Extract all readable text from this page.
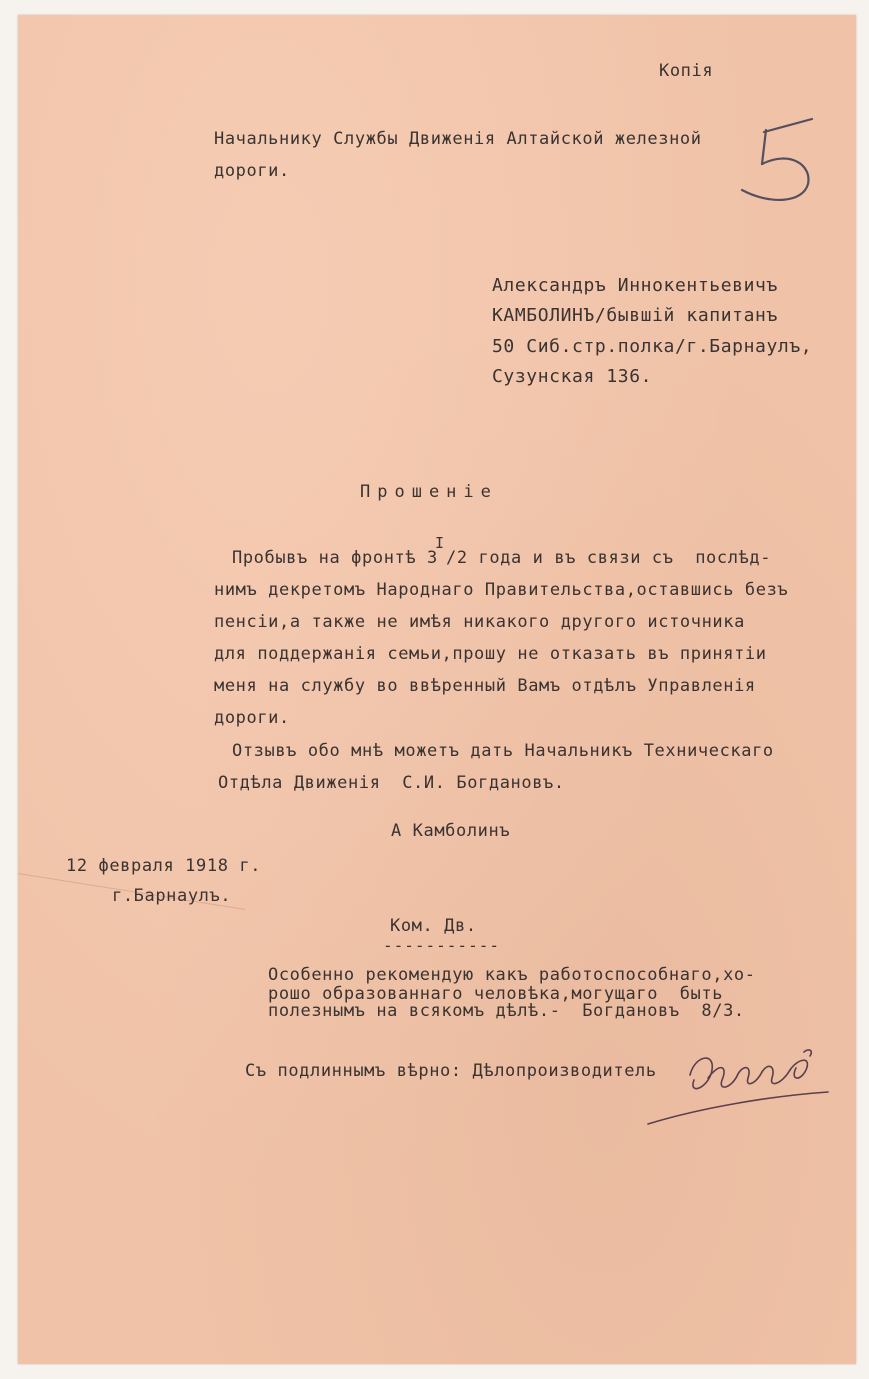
Копія
Начальнику Службы Движенія Алтайской железной
дороги.
Александръ Иннокентьевичъ
КАМБОЛИНЪ/бывшій капитанъ
50 Сиб.стр.полка/г.Барнаулъ,
Сузунская 136.
Прошеніе
Пробывъ на фронтѣ 3
I
/2 года и въ связи съ  послѣд-
нимъ декретомъ Народнаго Правительства,оставшись безъ
пенсіи,а также не имѣя никакого другого источника
для поддержанія семьи,прошу не отказать въ принятіи
меня на службу во ввѣренный Вамъ отдѣлъ Управленія
дороги.
Отзывъ обо мнѣ можетъ дать Начальникъ Техническаго
Отдѣла Движенія  С.И. Богдановъ.
А Камболинъ
12 февраля 1918 г.
г.Барнаулъ.
Ком. Дв.
-----------
Особенно рекомендую какъ работоспособнаго,хо-
рошо образованнаго человѣка,могущаго  быть
полезнымъ на всякомъ дѣлѣ.-  Богдановъ  8/3.
Съ подлиннымъ вѣрно: Дѣлопроизводитель
